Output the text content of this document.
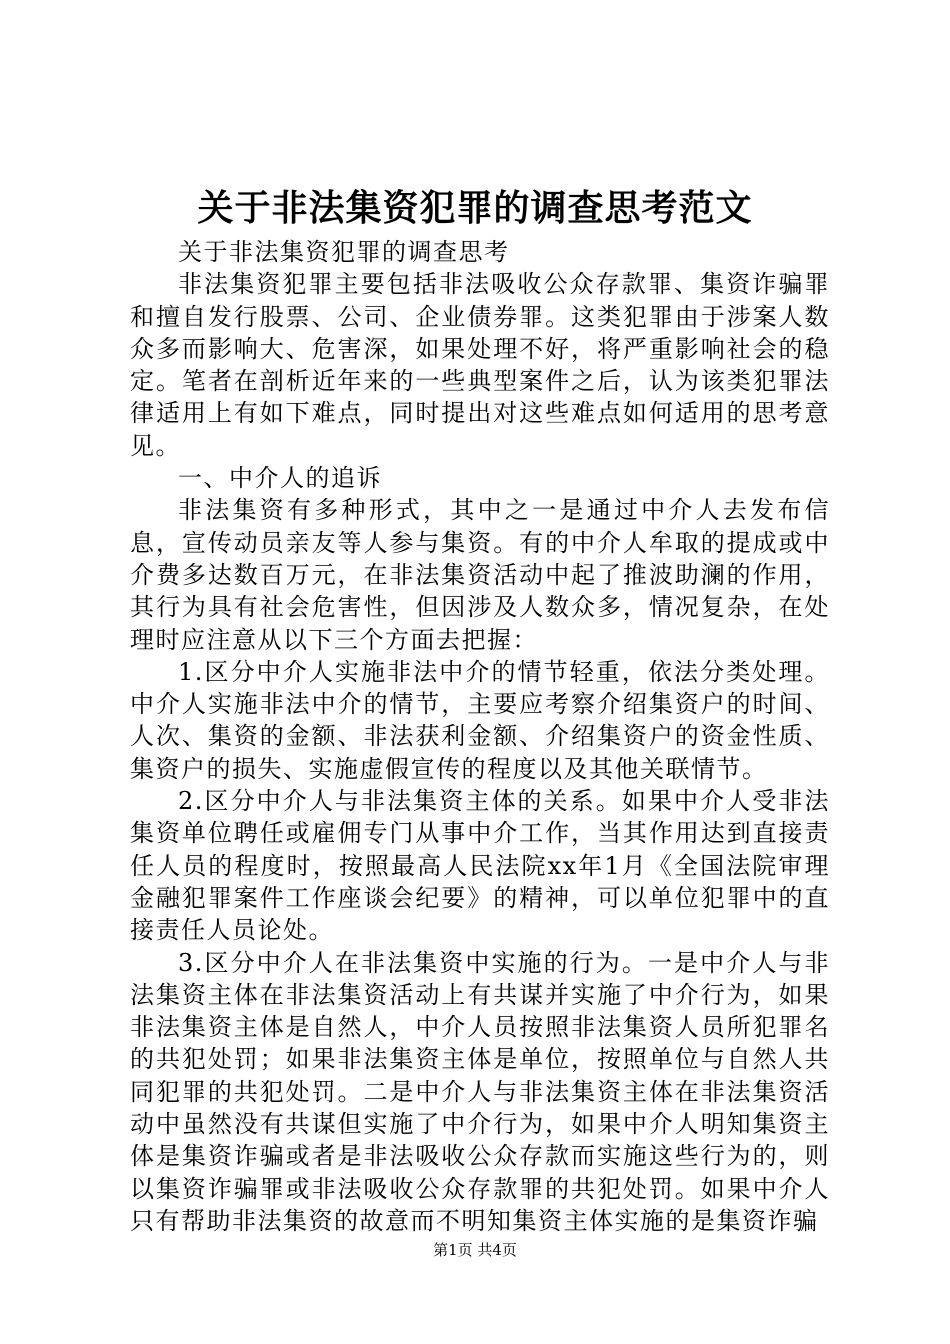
关于非法集资犯罪的调查思考范文

关于非法集资犯罪的调查思考

非法集资犯罪主要包括非法吸收公众存款罪、集资诈骗罪和擅自发行股票、公司、企业债券罪。这类犯罪由于涉案人数众多而影响大、危害深，如果处理不好，将严重影响社会的稳定。笔者在剖析近年来的一些典型案件之后，认为该类犯罪法律适用上有如下难点，同时提出对这些难点如何适用的思考意见。

一、中介人的追诉

非法集资有多种形式，其中之一是通过中介人去发布信息，宣传动员亲友等人参与集资。有的中介人牟取的提成或中介费多达数百万元，在非法集资活动中起了推波助澜的作用，其行为具有社会危害性，但因涉及人数众多，情况复杂，在处理时应注意从以下三个方面去把握：

1.区分中介人实施非法中介的情节轻重，依法分类处理。中介人实施非法中介的情节，主要应考察介绍集资户的时间、人次、集资的金额、非法获利金额、介绍集资户的资金性质、集资户的损失、实施虚假宣传的程度以及其他关联情节。

2.区分中介人与非法集资主体的关系。如果中介人受非法集资单位聘任或雇佣专门从事中介工作，当其作用达到直接责任人员的程度时，按照最高人民法院xx年1月《全国法院审理金融犯罪案件工作座谈会纪要》的精神，可以单位犯罪中的直接责任人员论处。

3.区分中介人在非法集资中实施的行为。一是中介人与非法集资主体在非法集资活动上有共谋并实施了中介行为，如果非法集资主体是自然人，中介人员按照非法集资人员所犯罪名的共犯处罚；如果非法集资主体是单位，按照单位与自然人共同犯罪的共犯处罚。二是中介人与非法集资主体在非法集资活动中虽然没有共谋但实施了中介行为，如果中介人明知集资主体是集资诈骗或者是非法吸收公众存款而实施这些行为的，则以集资诈骗罪或非法吸收公众存款罪的共犯处罚。如果中介人只有帮助非法集资的故意而不明知集资主体实施的是集资诈骗

第1页 共4页
